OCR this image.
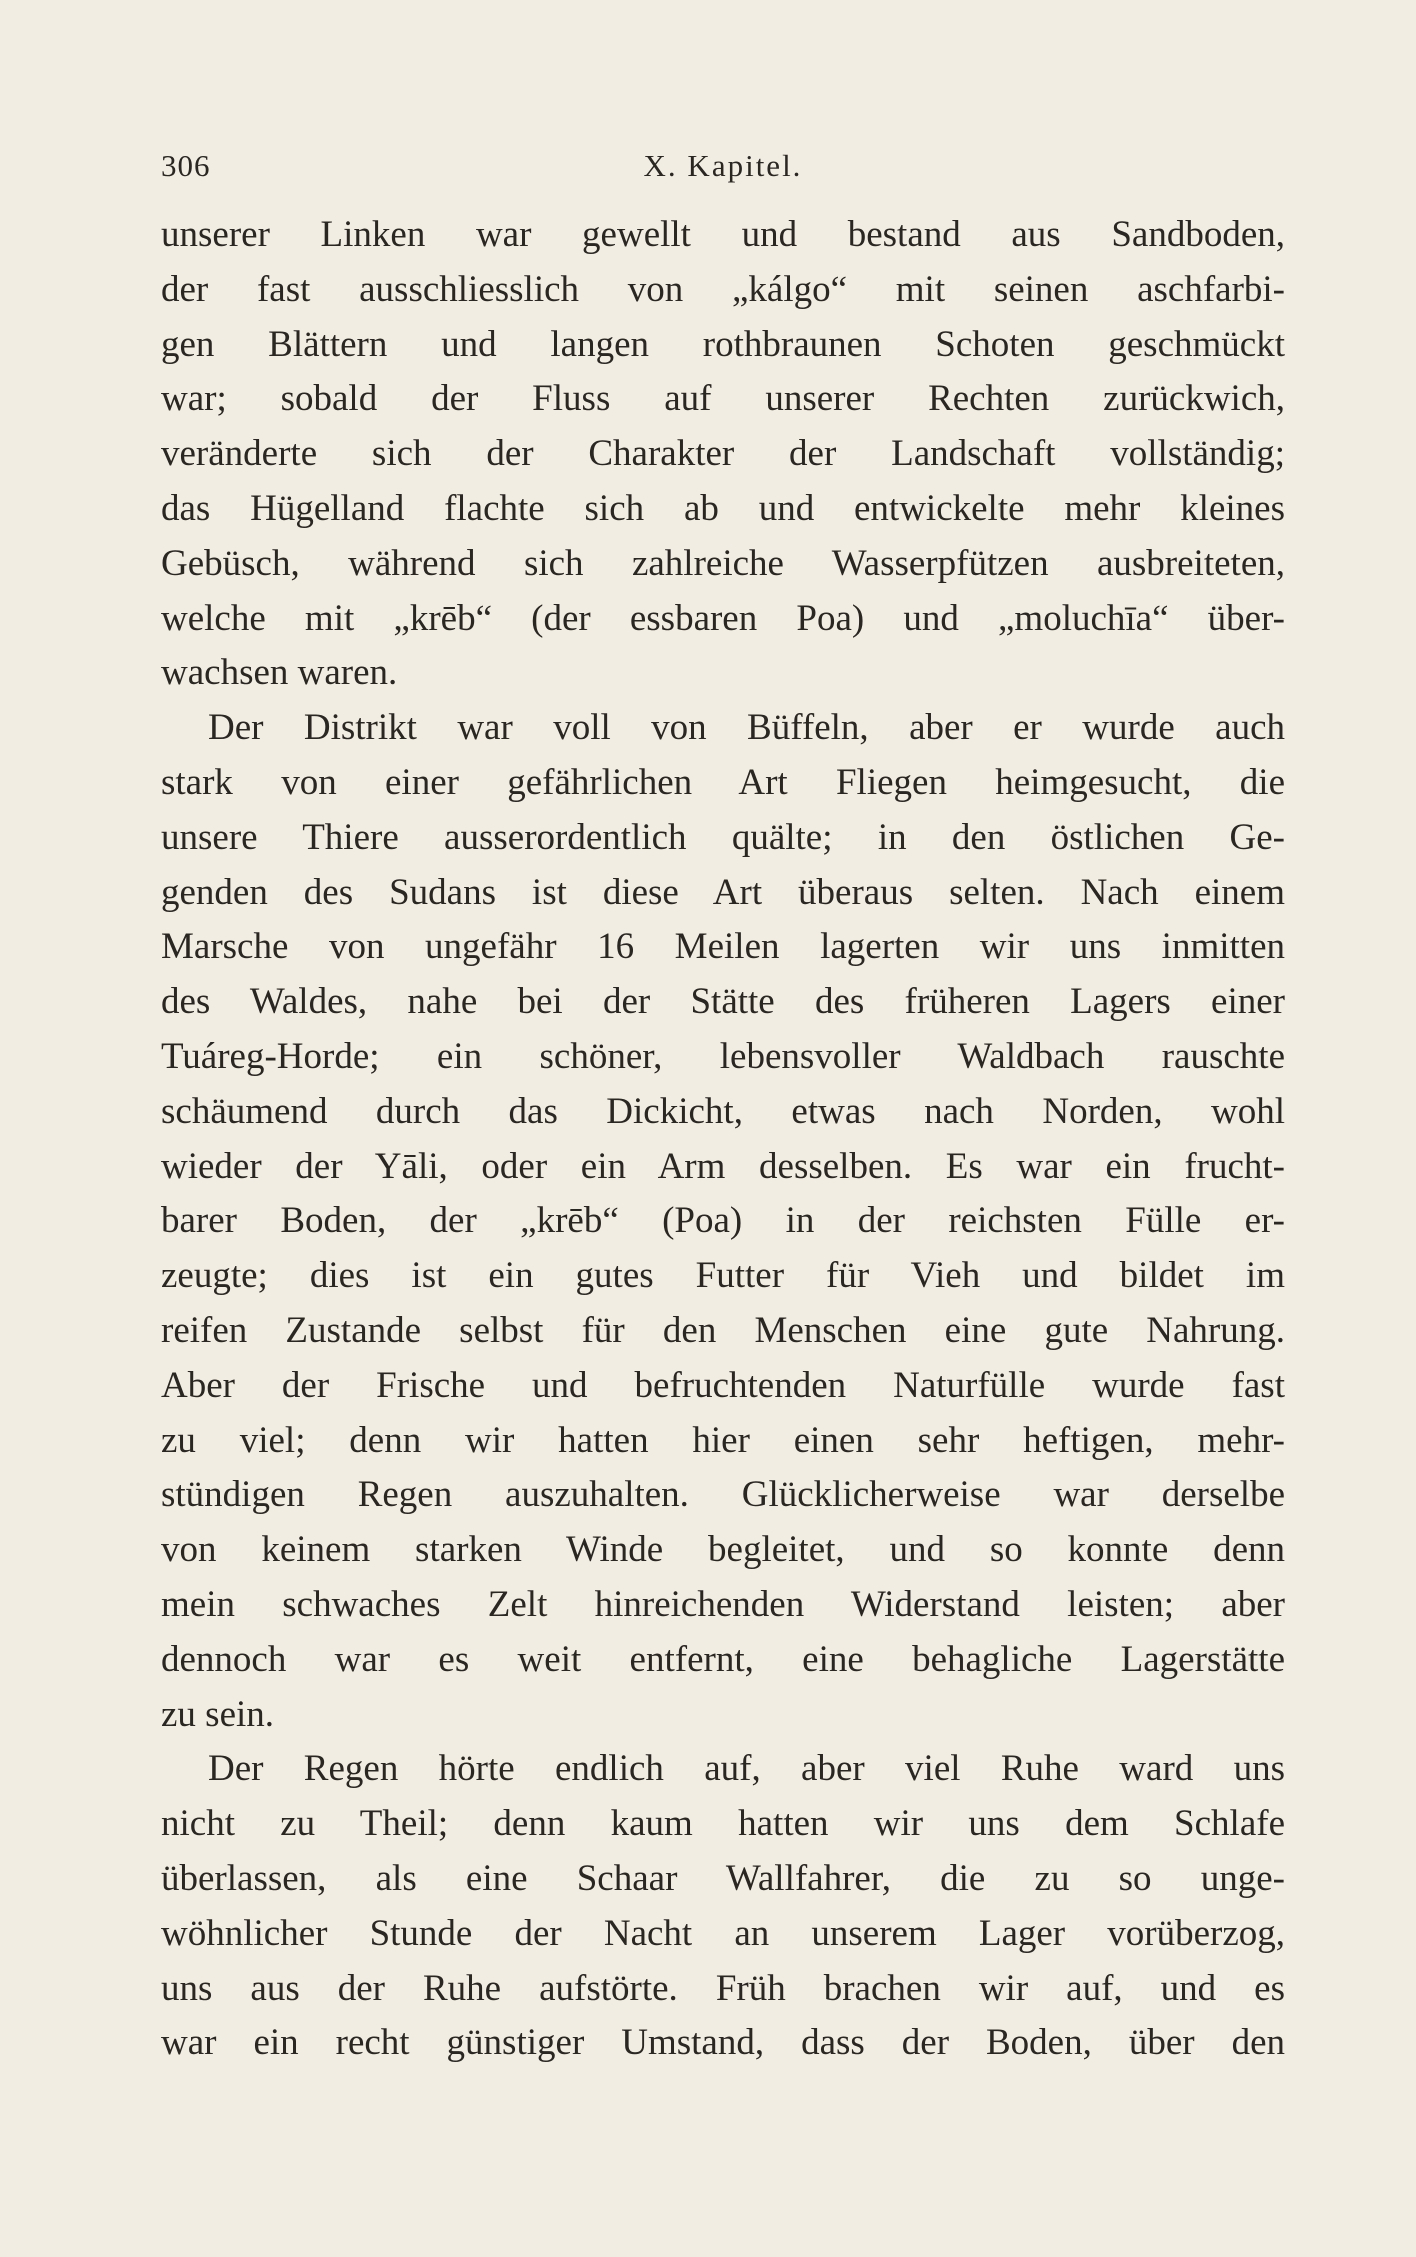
306	X. Kapitel.
unserer Linken war gewellt und bestand aus Sandboden,
der fast ausschliesslich von „kálgo“ mit seinen aschfarbi-
gen Blättern und langen rothbraunen Schoten geschmückt
war; sobald der Fluss auf unserer Rechten zurückwich,
veränderte sich der Charakter der Landschaft vollständig;
das Hügelland flachte sich ab und entwickelte mehr kleines
Gebüsch, während sich zahlreiche Wasserpfützen ausbreiteten,
welche mit „krēb“ (der essbaren Poa) und „moluchīa“ über-
wachsen waren.
Der Distrikt war voll von Büffeln, aber er wurde auch
stark von einer gefährlichen Art Fliegen heimgesucht, die
unsere Thiere ausserordentlich quälte; in den östlichen Ge-
genden des Sudans ist diese Art überaus selten. Nach einem
Marsche von ungefähr 16 Meilen lagerten wir uns inmitten
des Waldes, nahe bei der Stätte des früheren Lagers einer
Tuáreg-Horde; ein schöner, lebensvoller Waldbach rauschte
schäumend durch das Dickicht, etwas nach Norden, wohl
wieder der Yāli, oder ein Arm desselben. Es war ein frucht-
barer Boden, der „krēb“ (Poa) in der reichsten Fülle er-
zeugte; dies ist ein gutes Futter für Vieh und bildet im
reifen Zustande selbst für den Menschen eine gute Nahrung.
Aber der Frische und befruchtenden Naturfülle wurde fast
zu viel; denn wir hatten hier einen sehr heftigen, mehr-
stündigen Regen auszuhalten. Glücklicherweise war derselbe
von keinem starken Winde begleitet, und so konnte denn
mein schwaches Zelt hinreichenden Widerstand leisten; aber
dennoch war es weit entfernt, eine behagliche Lagerstätte
zu sein.
Der Regen hörte endlich auf, aber viel Ruhe ward uns
nicht zu Theil; denn kaum hatten wir uns dem Schlafe
überlassen, als eine Schaar Wallfahrer, die zu so unge-
wöhnlicher Stunde der Nacht an unserem Lager vorüberzog,
uns aus der Ruhe aufstörte. Früh brachen wir auf, und es
war ein recht günstiger Umstand, dass der Boden, über den
